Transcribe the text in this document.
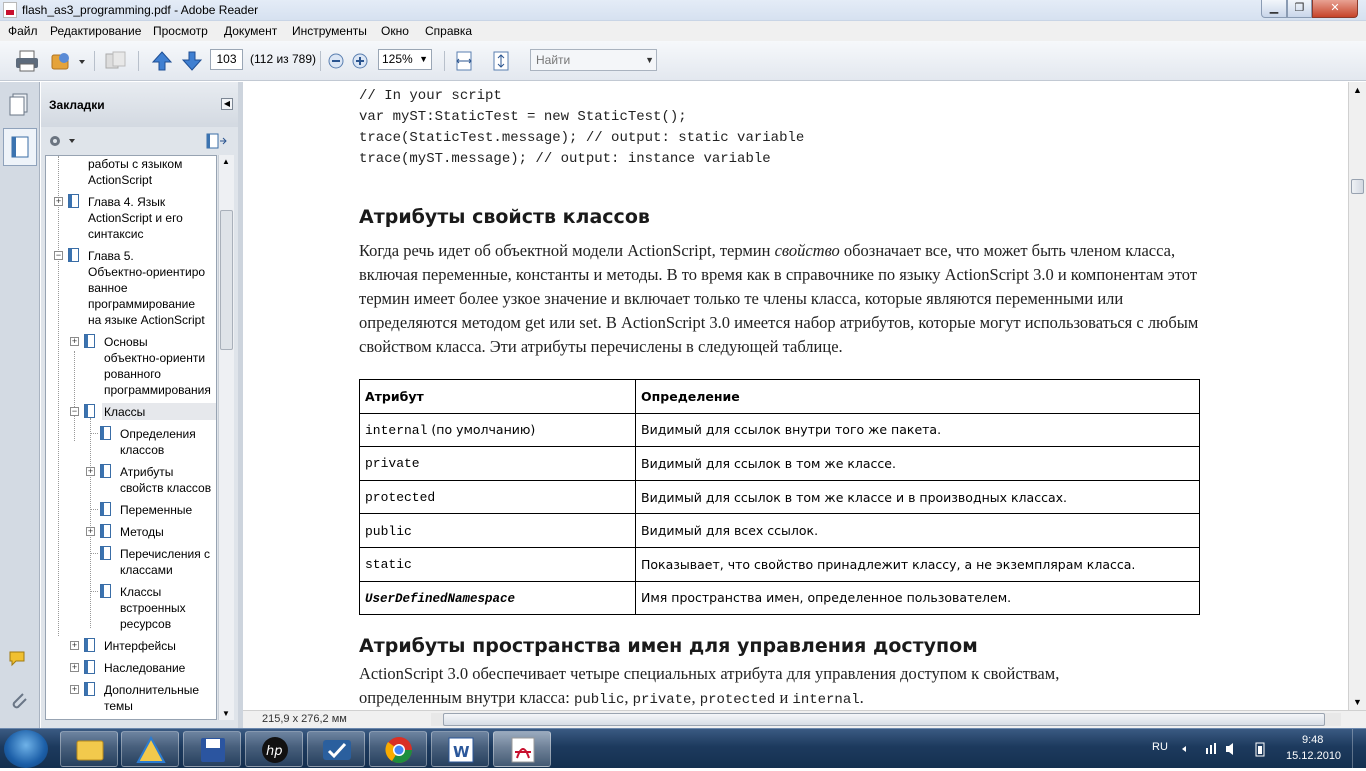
flash_as3_programming.pdf - Adobe Reader	▁	❐	✕
Файл Редактирование Просмотр Документ Инструменты Окно Справка
103	(112 из 789)	125% ▼	Найти	▼
Закладки	◀
работы с языком
ActionScript
+ Глава 4. Язык
ActionScript и его
синтаксис
− Глава 5.
Объектно-ориентиро
ванное
программирование
на языке ActionScript
+ Основы
объектно-ориенти
рованного
программирования
− Классы
Определения
классов
+ Атрибуты
свойств классов
Переменные
+ Методы
Перечисления с
классами
Классы
встроенных
ресурсов
+ Интерфейсы
+ Наследование
+ Дополнительные
темы
▲
▼
// In your script
var myST:StaticTest = new StaticTest();
trace(StaticTest.message); // output: static variable
trace(myST.message); // output: instance variable
Атрибуты свойств классов
Когда речь идет об объектной модели ActionScript, термин свойство обозначает все, что может быть членом класса, включая переменные, константы и методы. В то время как в справочнике по языку ActionScript 3.0 и компонентам этот термин имеет более узкое значение и включает только те члены класса, которые являются переменными или определяются методом get или set. В ActionScript 3.0 имеется набор атрибутов, которые могут использоваться с любым свойством класса. Эти атрибуты перечислены в следующей таблице.
Атрибут	Определение
internal (по умолчанию)	Видимый для ссылок внутри того же пакета.
private	Видимый для ссылок в том же классе.
protected	Видимый для ссылок в том же классе и в производных классах.
public	Видимый для всех ссылок.
static	Показывает, что свойство принадлежит классу, а не экземплярам класса.
UserDefinedNamespace	Имя пространства имен, определенное пользователем.
Атрибуты пространства имен для управления доступом
ActionScript 3.0 обеспечивает четыре специальных атрибута для управления доступом к свойствам,
определенным внутри класса: public, private, protected и internal.
▲
▼
215,9 x 276,2 мм
hp	W	RU
9:48
15.12.2010
